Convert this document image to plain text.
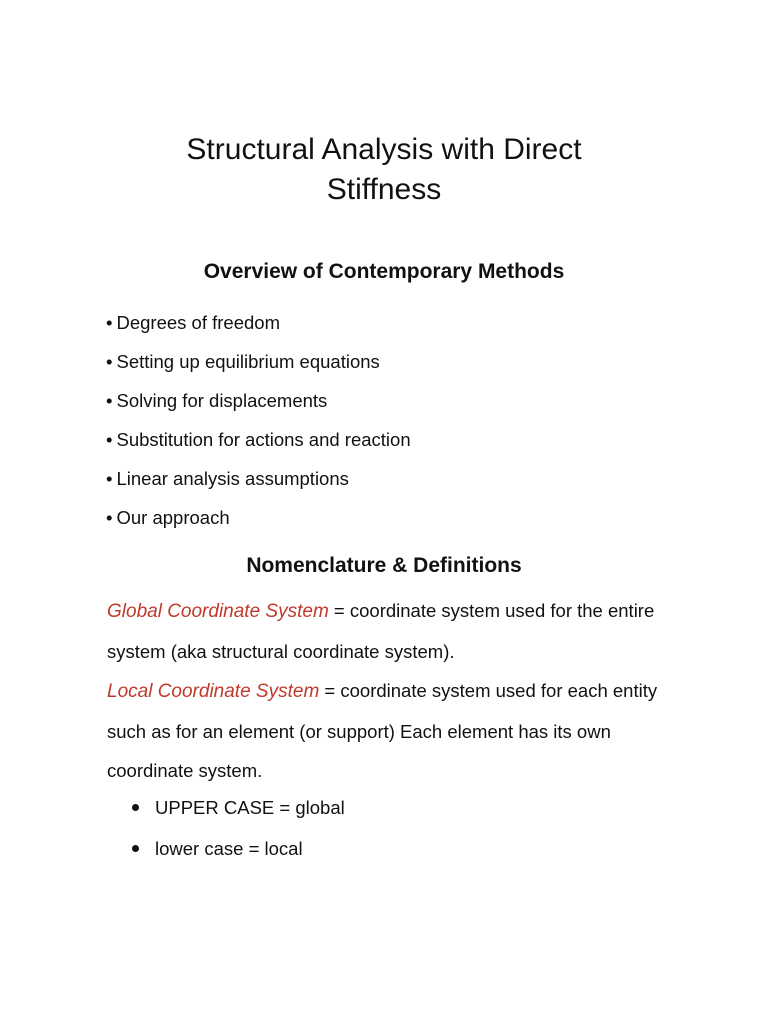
Structural Analysis with Direct
Stiffness
Overview of Contemporary Methods
• Degrees of freedom
• Setting up equilibrium equations
• Solving for displacements
• Substitution for actions and reaction
• Linear analysis assumptions
• Our approach
Nomenclature & Definitions

Global Coordinate System = coordinate system used for the entire system (aka structural coordinate system).

Local Coordinate System = coordinate system used for each entity such as for an element (or support) Each element has its own coordinate system.

UPPER CASE = global
lower case = local
